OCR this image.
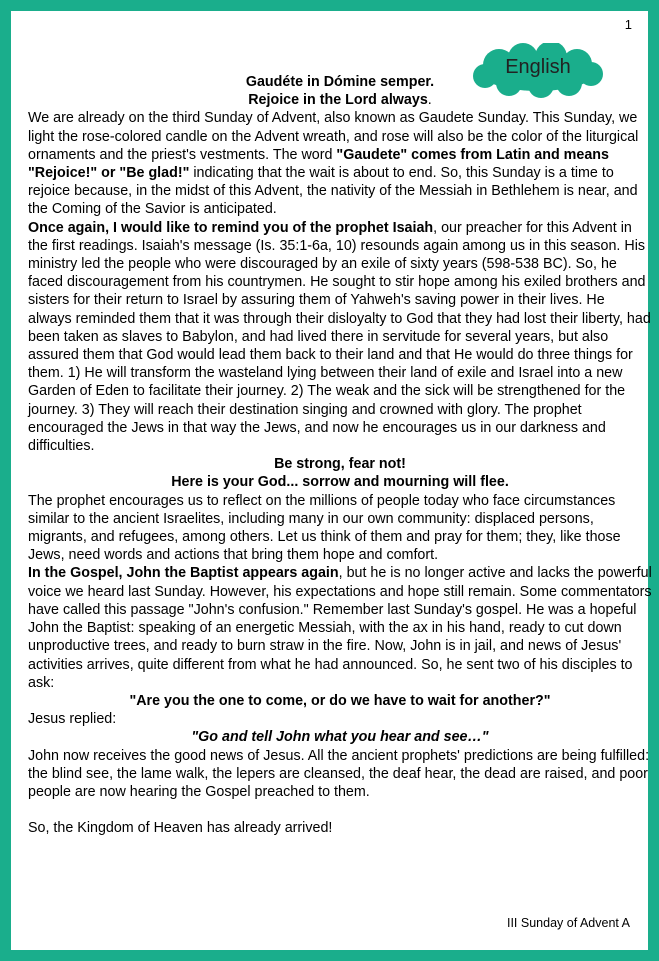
1
English

Gaudéte in Dómine semper.

Rejoice in the Lord always.

We are already on the third Sunday of Advent, also known as Gaudete Sunday. This Sunday, we light the rose-colored candle on the Advent wreath, and rose will also be the color of the liturgical ornaments and the priest's vestments. The word "Gaudete" comes from Latin and means "Rejoice!" or "Be glad!" indicating that the wait is about to end. So, this Sunday is a time to rejoice because, in the midst of this Advent, the nativity of the Messiah in Bethlehem is near, and the Coming of the Savior is anticipated.

Once again, I would like to remind you of the prophet Isaiah, our preacher for this Advent in the first readings. Isaiah's message (Is. 35:1-6a, 10) resounds again among us in this season. His ministry led the people who were discouraged by an exile of sixty years (598-538 BC). So, he faced discouragement from his countrymen. He sought to stir hope among his exiled brothers and sisters for their return to Israel by assuring them of Yahweh's saving power in their lives. He always reminded them that it was through their disloyalty to God that they had lost their liberty, had been taken as slaves to Babylon, and had lived there in servitude for several years, but also assured them that God would lead them back to their land and that He would do three things for them. 1) He will transform the wasteland lying between their land of exile and Israel into a new Garden of Eden to facilitate their journey. 2) The weak and the sick will be strengthened for the journey. 3) They will reach their destination singing and crowned with glory. The prophet encouraged the Jews in that way the Jews, and now he encourages us in our darkness and difficulties.

Be strong, fear not!

Here is your God... sorrow and mourning will flee.

The prophet encourages us to reflect on the millions of people today who face circumstances similar to the ancient Israelites, including many in our own community: displaced persons, migrants, and refugees, among others. Let us think of them and pray for them; they, like those Jews, need words and actions that bring them hope and comfort.

In the Gospel, John the Baptist appears again, but he is no longer active and lacks the powerful voice we heard last Sunday. However, his expectations and hope still remain. Some commentators have called this passage "John's confusion." Remember last Sunday's gospel. He was a hopeful John the Baptist: speaking of an energetic Messiah, with the ax in his hand, ready to cut down unproductive trees, and ready to burn straw in the fire. Now, John is in jail, and news of Jesus' activities arrives, quite different from what he had announced. So, he sent two of his disciples to ask:

"Are you the one to come, or do we have to wait for another?"

Jesus replied:

"Go and tell John what you hear and see…"

John now receives the good news of Jesus. All the ancient prophets' predictions are being fulfilled: the blind see, the lame walk, the lepers are cleansed, the deaf hear, the dead are raised, and poor people are now hearing the Gospel preached to them.

So, the Kingdom of Heaven has already arrived!

III Sunday of Advent A
